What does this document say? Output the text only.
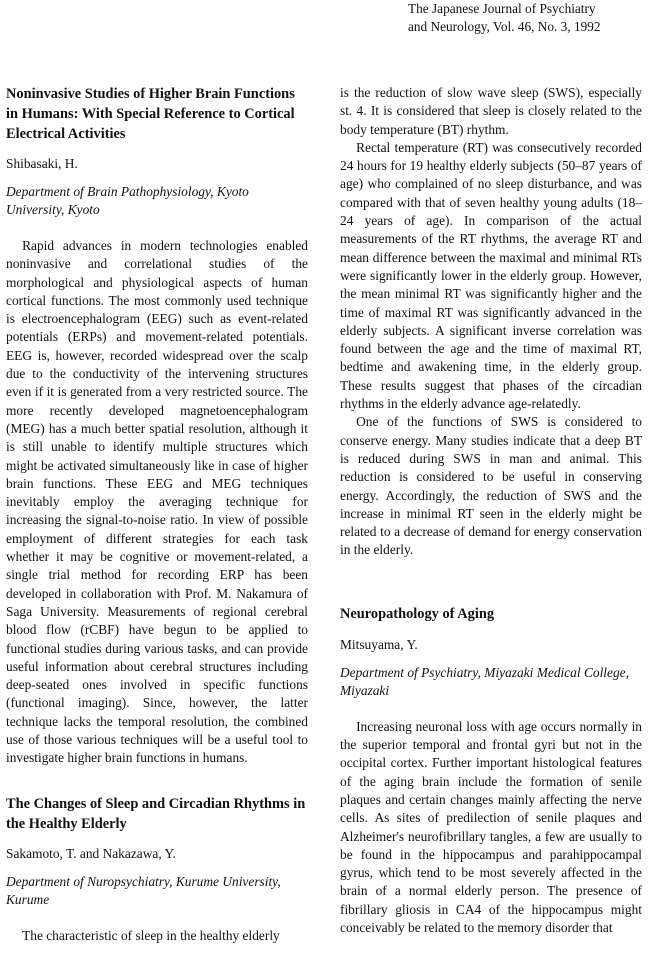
The Japanese Journal of Psychiatry
and Neurology, Vol. 46, No. 3, 1992
Noninvasive Studies of Higher Brain Functions in Humans: With Special Reference to Cortical Electrical Activities
Shibasaki, H.
Department of Brain Pathophysiology, Kyoto University, Kyoto

Rapid advances in modern technologies enabled noninvasive and correlational studies of the morphological and physiological aspects of human cortical functions. The most commonly used technique is electroencephalogram (EEG) such as event-related potentials (ERPs) and movement-related potentials. EEG is, however, recorded widespread over the scalp due to the conductivity of the intervening structures even if it is generated from a very restricted source. The more recently developed magnetoencephalogram (MEG) has a much better spatial resolution, although it is still unable to identify multiple structures which might be activated simultaneously like in case of higher brain functions. These EEG and MEG techniques inevitably employ the averaging technique for increasing the signal-to-noise ratio. In view of possible employment of different strategies for each task whether it may be cognitive or movement-related, a single trial method for recording ERP has been developed in collaboration with Prof. M. Nakamura of Saga University. Measurements of regional cerebral blood flow (rCBF) have begun to be applied to functional studies during various tasks, and can provide useful information about cerebral structures including deep-seated ones involved in specific functions (functional imaging). Since, however, the latter technique lacks the temporal resolution, the combined use of those various techniques will be a useful tool to investigate higher brain functions in humans.

The Changes of Sleep and Circadian Rhythms in the Healthy Elderly
Sakamoto, T. and Nakazawa, Y.
Department of Nuropsychiatry, Kurume University, Kurume

The characteristic of sleep in the healthy elderly

is the reduction of slow wave sleep (SWS), especially st. 4. It is considered that sleep is closely related to the body temperature (BT) rhythm.

Rectal temperature (RT) was consecutively recorded 24 hours for 19 healthy elderly subjects (50–87 years of age) who complained of no sleep disturbance, and was compared with that of seven healthy young adults (18–24 years of age). In comparison of the actual measurements of the RT rhythms, the average RT and mean difference between the maximal and minimal RTs were significantly lower in the elderly group. However, the mean minimal RT was significantly higher and the time of maximal RT was significantly advanced in the elderly subjects. A significant inverse correlation was found between the age and the time of maximal RT, bedtime and awakening time, in the elderly group. These results suggest that phases of the circadian rhythms in the elderly advance age-relatedly.

One of the functions of SWS is considered to conserve energy. Many studies indicate that a deep BT is reduced during SWS in man and animal. This reduction is considered to be useful in conserving energy. Accordingly, the reduction of SWS and the increase in minimal RT seen in the elderly might be related to a decrease of demand for energy conservation in the elderly.

Neuropathology of Aging
Mitsuyama, Y.
Department of Psychiatry, Miyazaki Medical College, Miyazaki

Increasing neuronal loss with age occurs normally in the superior temporal and frontal gyri but not in the occipital cortex. Further important histological features of the aging brain include the formation of senile plaques and certain changes mainly affecting the nerve cells. As sites of predilection of senile plaques and Alzheimer's neurofibrillary tangles, a few are usually to be found in the hippocampus and parahippocampal gyrus, which tend to be most severely affected in the brain of a normal elderly person. The presence of fibrillary gliosis in CA4 of the hippocampus might conceivably be related to the memory disorder that
